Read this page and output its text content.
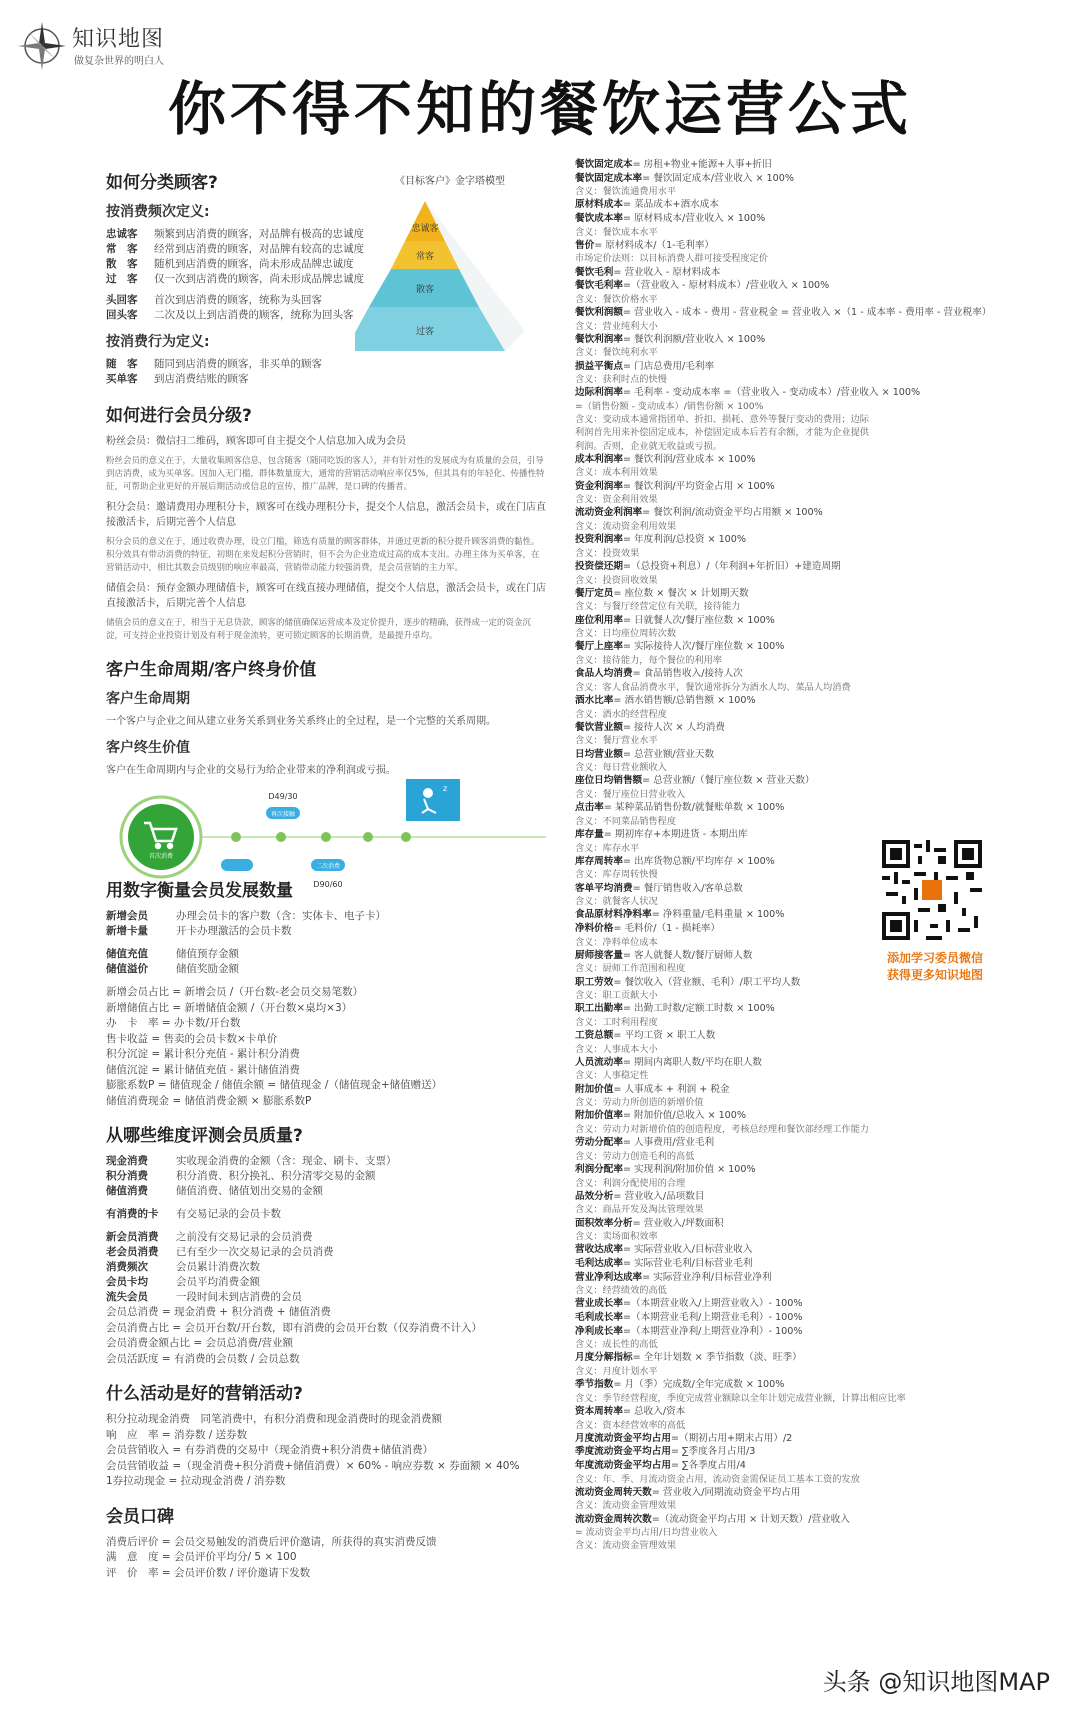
知识地图
做复杂世界的明白人
你不得不知的餐饮运营公式
如何分类顾客?
按消费频次定义:
忠诚客	频繁到店消费的顾客，对品牌有极高的忠诚度
常　客	经常到店消费的顾客，对品牌有较高的忠诚度
散　客	随机到店消费的顾客，尚未形成品牌忠诚度
过　客	仅一次到店消费的顾客，尚未形成品牌忠诚度
头回客	首次到店消费的顾客，统称为头回客
回头客	二次及以上到店消费的顾客，统称为回头客
按消费行为定义:
随　客	随同到店消费的顾客，非买单的顾客
买单客	到店消费结账的顾客
如何进行会员分级?
粉丝会员：微信扫二维码，顾客即可自主提交个人信息加入成为会员
粉丝会员的意义在于，大量收集顾客信息，包含随客（随同吃饭的客人），并有针对性的发展成为有质量的会员，引导到店消费，成为买单客。因加入无门槛，群体数量庞大，通常的营销活动响应率仅5%，但其具有的年轻化、传播性特征，可帮助企业更好的开展后期活动或信息的宣传，推广品牌，是口碑的传播者。
积分会员：邀请费用办理积分卡，顾客可在线办理积分卡，提交个人信息，激活会员卡，或在门店直接激活卡，后期完善个人信息
积分会员的意义在于，通过收费办理，设立门槛，筛选有质量的顾客群体，并通过更新的积分提升顾客消费的黏性。积分效具有带动消费的特征，初期在来发起积分营销时，但不会为企业造成过高的成本支出。办理主体为买单客，在营销活动中，相比其数会员级别的响应率最高，营销带动能力较强消费，是会员营销的主力军。
储值会员：预存金额办理储值卡，顾客可在线直接办理储值，提交个人信息，激活会员卡，或在门店直接激活卡，后期完善个人信息
储值会员的意义在于，相当于无息贷款，顾客的储值确保运营成本及定价提升，逐步的精确，获得成一定的资金沉淀，可支持企业投资计划及有利于现金流转，更可锁定顾客的长期消费，是最提升卓均。
客户生命周期/客户终身价值
客户生命周期
一个客户与企业之间从建立业务关系到业务关系终止的全过程，是一个完整的关系周期。
客户终生价值
客户在生命周期内与企业的交易行为给企业带来的净利润或亏损。
《目标客户》金字塔模型
忠诚客
常客
散客
过客
首次消费
再次接触
D49/30
二次消费
D90/60
z
用数字衡量会员发展数量
新增会员	办理会员卡的客户数（含：实体卡、电子卡）
新增卡量	开卡办理激活的会员卡数
储值充值	储值预存金额
储值溢价	储值奖励金额
新增会员占比 = 新增会员 /（开台数-老会员交易笔数）
新增储值占比 = 新增储值金额 /（开台数×桌均×3）
办　卡　率 = 办卡数/开台数
售卡收益 = 售卖的会员卡数×卡单价
积分沉淀 = 累计积分充值 - 累计积分消费
储值沉淀 = 累计储值充值 - 累计储值消费
膨胀系数P = 储值现金 / 储值余额 = 储值现金 /（储值现金+储值赠送）
储值消费现金 = 储值消费金额 × 膨胀系数P
从哪些维度评测会员质量?
现金消费	实收现金消费的金额（含：现金、刷卡、支票）
积分消费	积分消费、积分换礼、积分清零交易的金额
储值消费	储值消费、储值划出交易的金额
有消费的卡	有交易记录的会员卡数
新会员消费	之前没有交易记录的会员消费
老会员消费	已有至少一次交易记录的会员消费
消费频次	会员累计消费次数
会员卡均	会员平均消费金额
流失会员	一段时间未到店消费的会员
会员总消费 = 现金消费 + 积分消费 + 储值消费
会员消费占比 = 会员开台数/开台数，即有消费的会员开台数（仅券消费不计入）
会员消费金额占比 = 会员总消费/营业额
会员活跃度 = 有消费的会员数 / 会员总数
什么活动是好的营销活动?
积分拉动现金消费　同笔消费中，有积分消费和现金消费时的现金消费额
响　应　率 = 消券数 / 送券数
会员营销收入 = 有券消费的交易中（现金消费+积分消费+储值消费）
会员营销收益 =（现金消费+积分消费+储值消费）× 60% - 响应券数 × 券面额 × 40%
1券拉动现金 = 拉动现金消费 / 消券数
会员口碑
消费后评价 = 会员交易触发的消费后评价邀请，所获得的真实消费反馈
满　意　度 = 会员评价平均分/ 5 × 100
评　价　率 = 会员评价数 / 评价邀请下发数
餐饮固定成本= 房租+物业+能源+人事+折旧
餐饮固定成本率= 餐饮固定成本/营业收入 × 100%
含义：餐饮流通费用水平
原材料成本= 菜品成本+酒水成本
餐饮成本率= 原材料成本/营业收入 × 100%
含义：餐饮成本水平
售价= 原材料成本/（1-毛利率）
市场定价法则：以目标消费人群可接受程度定价
餐饮毛利= 营业收入 - 原材料成本
餐饮毛利率=（营业收入 - 原材料成本）/营业收入 × 100%
含义：餐饮价格水平
餐饮利润额= 营业收入 - 成本 - 费用 - 营业税金 = 营业收入 ×（1 - 成本率 - 费用率 - 营业税率）
含义：营业纯利大小
餐饮利润率= 餐饮利润额/营业收入 × 100%
含义：餐饮纯利水平
损益平衡点= 门店总费用/毛利率
含义：获利时点的快慢
边际利润率= 毛利率 - 变动成本率 =（营业收入 - 变动成本）/营业收入 × 100%
=（销售份额 - 变动成本）/销售份额 × 100%
含义：变动成本通常指团单、折扣、损耗、意外等餐厅变动的费用；边际利润首先用来补偿固定成本，补偿固定成本后若有余额，才能为企业提供利润。否则，企业就无收益或亏损。
成本利润率= 餐饮利润/营业成本 × 100%
含义：成本利用效果
资金利润率= 餐饮利润/平均资金占用 × 100%
含义：资金利用效果
流动资金利润率= 餐饮利润/流动资金平均占用额 × 100%
含义：流动资金利用效果
投资利润率= 年度利润/总投资 × 100%
含义：投资效果
投资偿还期=（总投资+利息）/（年利润+年折旧）+建造周期
含义：投资回收效果
餐厅定员= 座位数 × 餐次 × 计划期天数
含义：与餐厅经营定位有关联，接待能力
座位利用率= 日就餐人次/餐厅座位数 × 100%
含义：日均座位周转次数
餐厅上座率= 实际接待人次/餐厅座位数 × 100%
含义：接待能力，每个餐位的利用率
食品人均消费= 食品销售收入/接待人次
含义：客人食品消费水平，餐饮通常拆分为酒水人均、菜品人均消费
酒水比率= 酒水销售额/总销售额 × 100%
含义：酒水的经营程度
餐饮营业额= 接待人次 × 人均消费
含义：餐厅营业水平
日均营业额= 总营业额/营业天数
含义：每日营业额收入
座位日均销售额= 总营业额/（餐厅座位数 × 营业天数）
含义：餐厅座位日营业收入
点击率= 某种菜品销售份数/就餐账单数 × 100%
含义：不同菜品销售程度
库存量= 期初库存+本期进货 - 本期出库
含义：库存水平
库存周转率= 出库货物总额/平均库存 × 100%
含义：库存周转快慢
客单平均消费= 餐厅销售收入/客单总数
含义：就餐客人状况
食品原材料净料率= 净料重量/毛料重量 × 100%
净料价格= 毛料价/（1 - 损耗率）
含义：净料单位成本
厨师接客量= 客人就餐人数/餐厅厨师人数
含义：厨师工作范围和程度
职工劳效= 餐饮收入（营业额、毛利）/职工平均人数
含义：职工贡献大小
职工出勤率= 出勤工时数/定额工时数 × 100%
含义：工时利用程度
工资总额= 平均工资 × 职工人数
含义：人事成本大小
人员流动率= 期间内离职人数/平均在职人数
含义：人事稳定性
附加价值= 人事成本 + 利润 + 税金
含义：劳动力所创造的新增价值
附加价值率= 附加价值/总收入 × 100%
含义：劳动力对新增价值的创造程度，考核总经理和餐饮部经理工作能力
劳动分配率= 人事费用/营业毛利
含义：劳动力创造毛利的高低
利润分配率= 实现利润/附加价值 × 100%
含义：利润分配使用的合理
品效分析= 营业收入/品项数目
含义：商品开发及淘汰管理效果
面积效率分析= 营业收入/坪数面积
含义：卖场面积效率
营收达成率= 实际营业收入/目标营业收入
毛利达成率= 实际营业毛利/目标营业毛利
营业净利达成率= 实际营业净利/目标营业净利
含义：经营绩效的高低
营业成长率=（本期营业收入/上期营业收入）- 100%
毛利成长率=（本期营业毛利/上期营业毛利）- 100%
净利成长率=（本期营业净利/上期营业净利）- 100%
含义：成长性的高低
月度分解指标= 全年计划数 × 季节指数（淡、旺季）
含义：月度计划水平
季节指数= 月（季）完成数/全年完成数 × 100%
含义：季节经营程度，季度完成营业额除以全年计划完成营业额，计算出相应比率
资本周转率= 总收入/资本
含义：资本经营效率的高低
月度流动资金平均占用=（期初占用+期末占用）/2
季度流动资金平均占用= ∑季度各月占用/3
年度流动资金平均占用= ∑各季度占用/4
含义：年、季、月流动资金占用，流动资金需保证员工基本工资的发放
流动资金周转天数= 营业收入/同期流动资金平均占用
含义：流动资金管理效果
流动资金周转次数=（流动资金平均占用 × 计划天数）/营业收入
= 流动资金平均占用/日均营业收入
含义：流动资金管理效果
添加学习委员微信
获得更多知识地图
头条 @知识地图MAP
